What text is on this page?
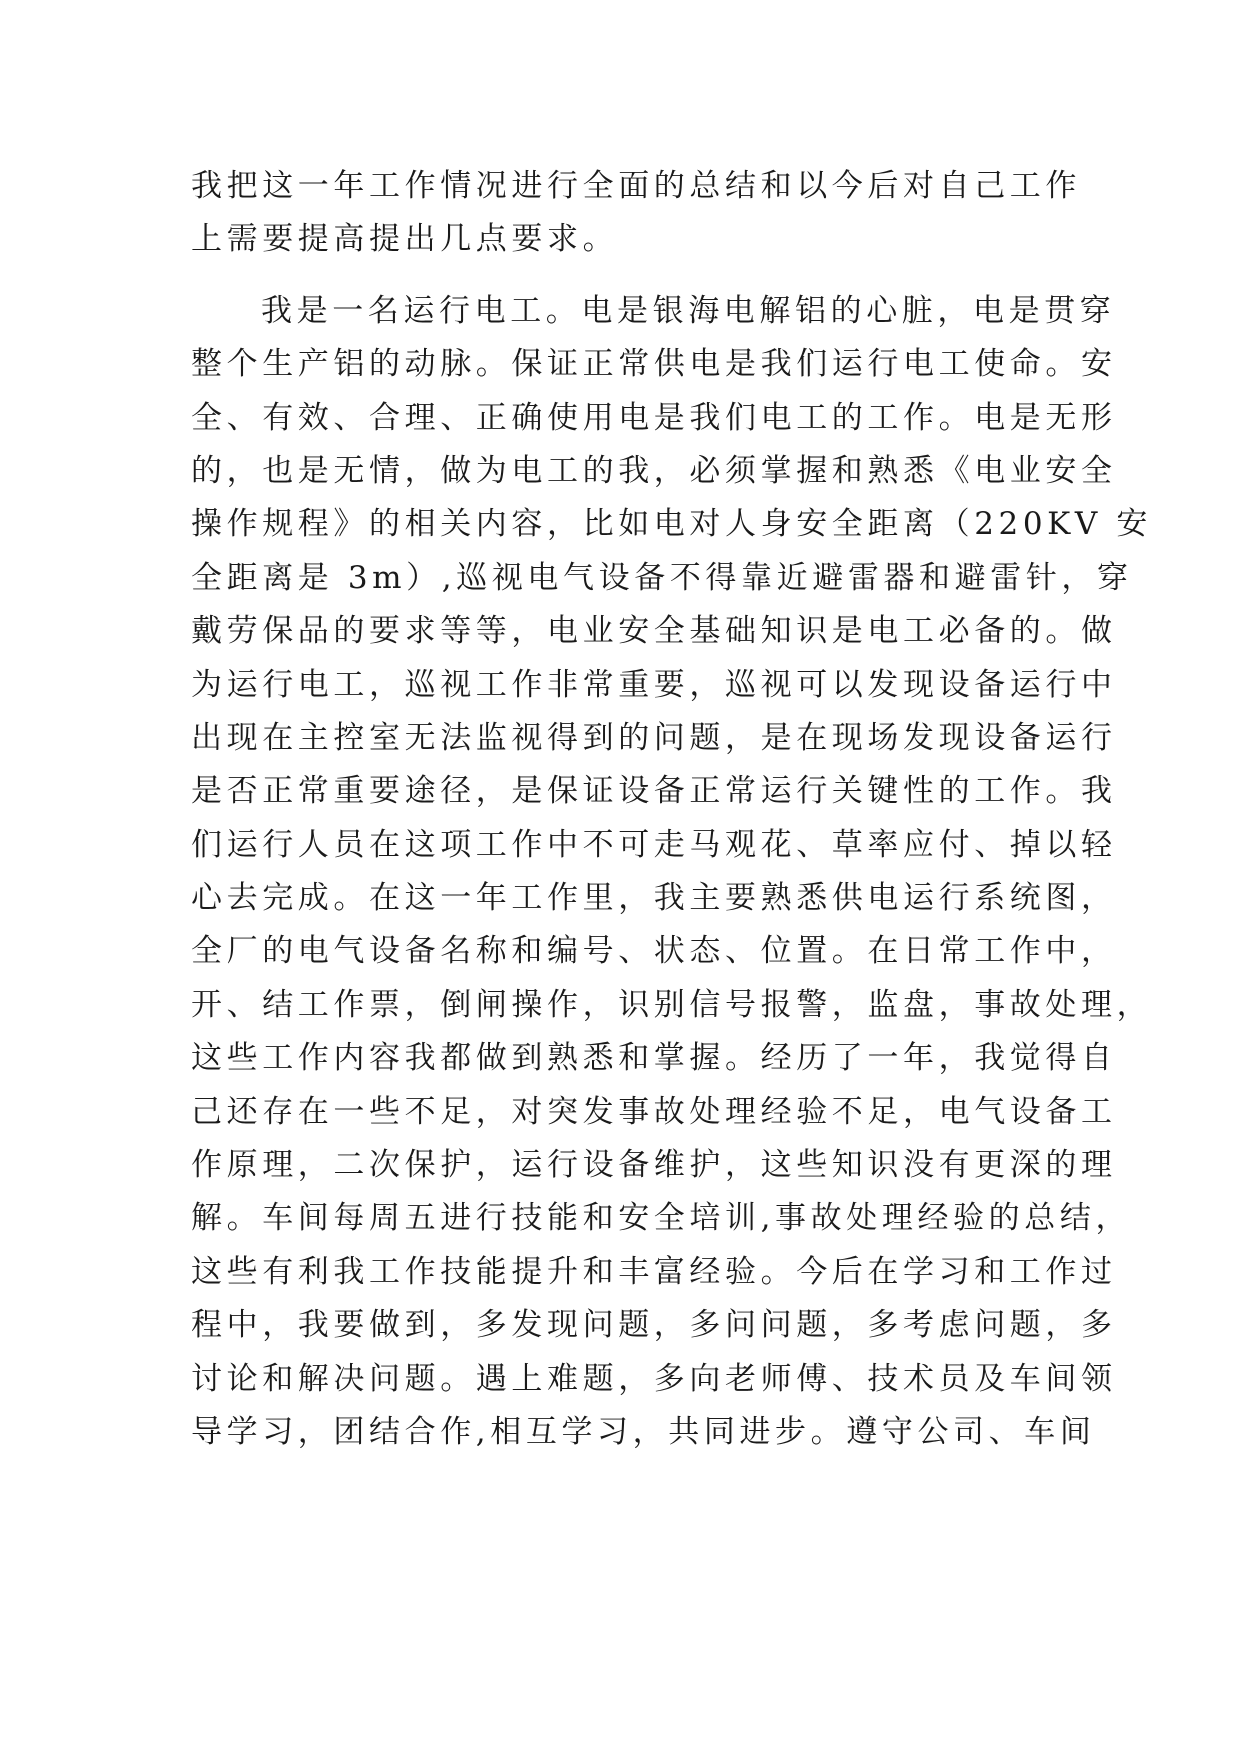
我把这一年工作情况进行全面的总结和以今后对自己工作
上需要提高提出几点要求。
我是一名运行电工。电是银海电解铝的心脏，电是贯穿
整个生产铝的动脉。保证正常供电是我们运行电工使命。安
全、有效、合理、正确使用电是我们电工的工作。电是无形
的，也是无情，做为电工的我，必须掌握和熟悉《电业安全
操作规程》的相关内容，比如电对人身安全距离（220KV 安
全距离是 3m）,巡视电气设备不得靠近避雷器和避雷针，穿
戴劳保品的要求等等，电业安全基础知识是电工必备的。做
为运行电工，巡视工作非常重要，巡视可以发现设备运行中
出现在主控室无法监视得到的问题，是在现场发现设备运行
是否正常重要途径，是保证设备正常运行关键性的工作。我
们运行人员在这项工作中不可走马观花、草率应付、掉以轻
心去完成。在这一年工作里，我主要熟悉供电运行系统图，
全厂的电气设备名称和编号、状态、位置。在日常工作中，
开、结工作票，倒闸操作，识别信号报警，监盘，事故处理，
这些工作内容我都做到熟悉和掌握。经历了一年，我觉得自
己还存在一些不足，对突发事故处理经验不足，电气设备工
作原理，二次保护，运行设备维护，这些知识没有更深的理
解。车间每周五进行技能和安全培训,事故处理经验的总结，
这些有利我工作技能提升和丰富经验。今后在学习和工作过
程中，我要做到，多发现问题，多问问题，多考虑问题，多
讨论和解决问题。遇上难题，多向老师傅、技术员及车间领
导学习，团结合作,相互学习，共同进步。遵守公司、车间
